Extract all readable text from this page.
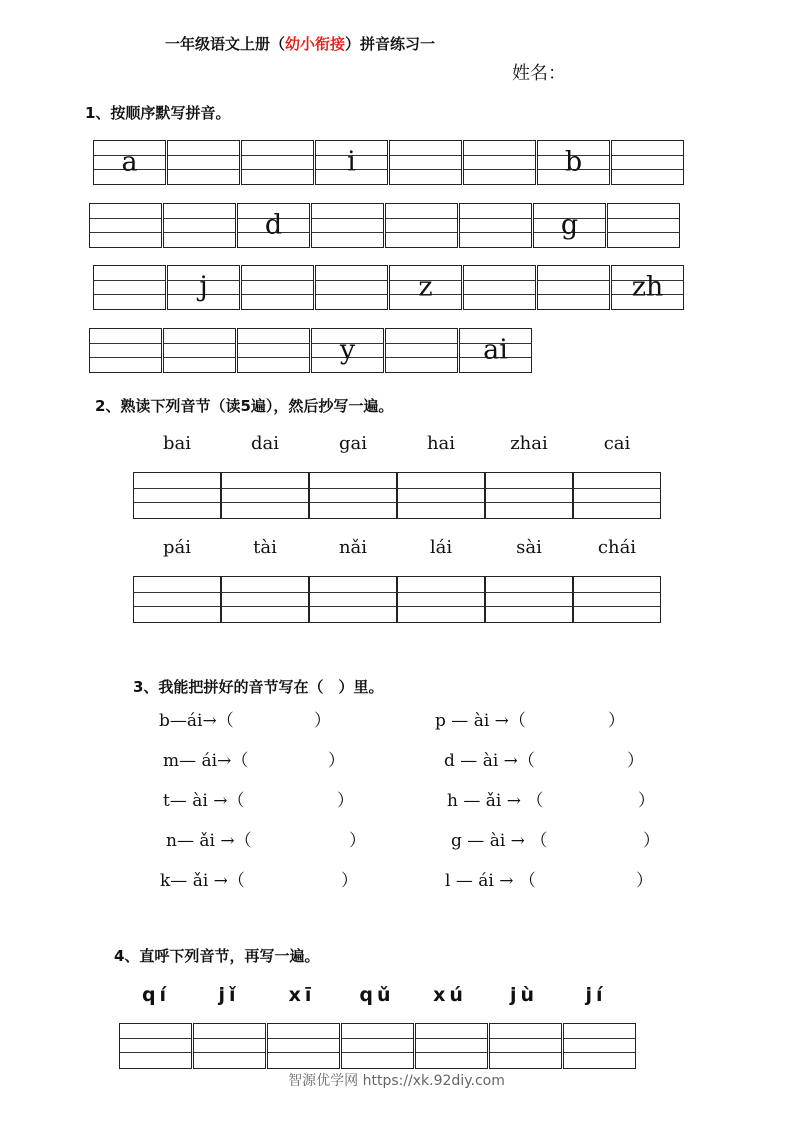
一年级语文上册（幼小衔接）拼音练习一
姓名：
1、按顺序默写拼音。
a	i	b
d	g
j	z	zh
y	ai
2、熟读下列音节（读5遍），然后抄写一遍。
bai	dai	gai	hai	zhai	cai
pái	tài	nǎi	lái	sài	chái
3、我能把拼好的音节写在（　）里。
b—ái→（	）	p — ài →（	）
m— ái→（	）	d — ài →（	）
t— ài →（	）	h — ǎi → （	）
n— ǎi →（	）	g — ài → （	）
k— ǎi →（	）	l — ái → （	）
4、直呼下列音节，再写一遍。
qí	jǐ	xī	qǔ	xú	jù	jí
智源优学网 https://xk.92diy.com
